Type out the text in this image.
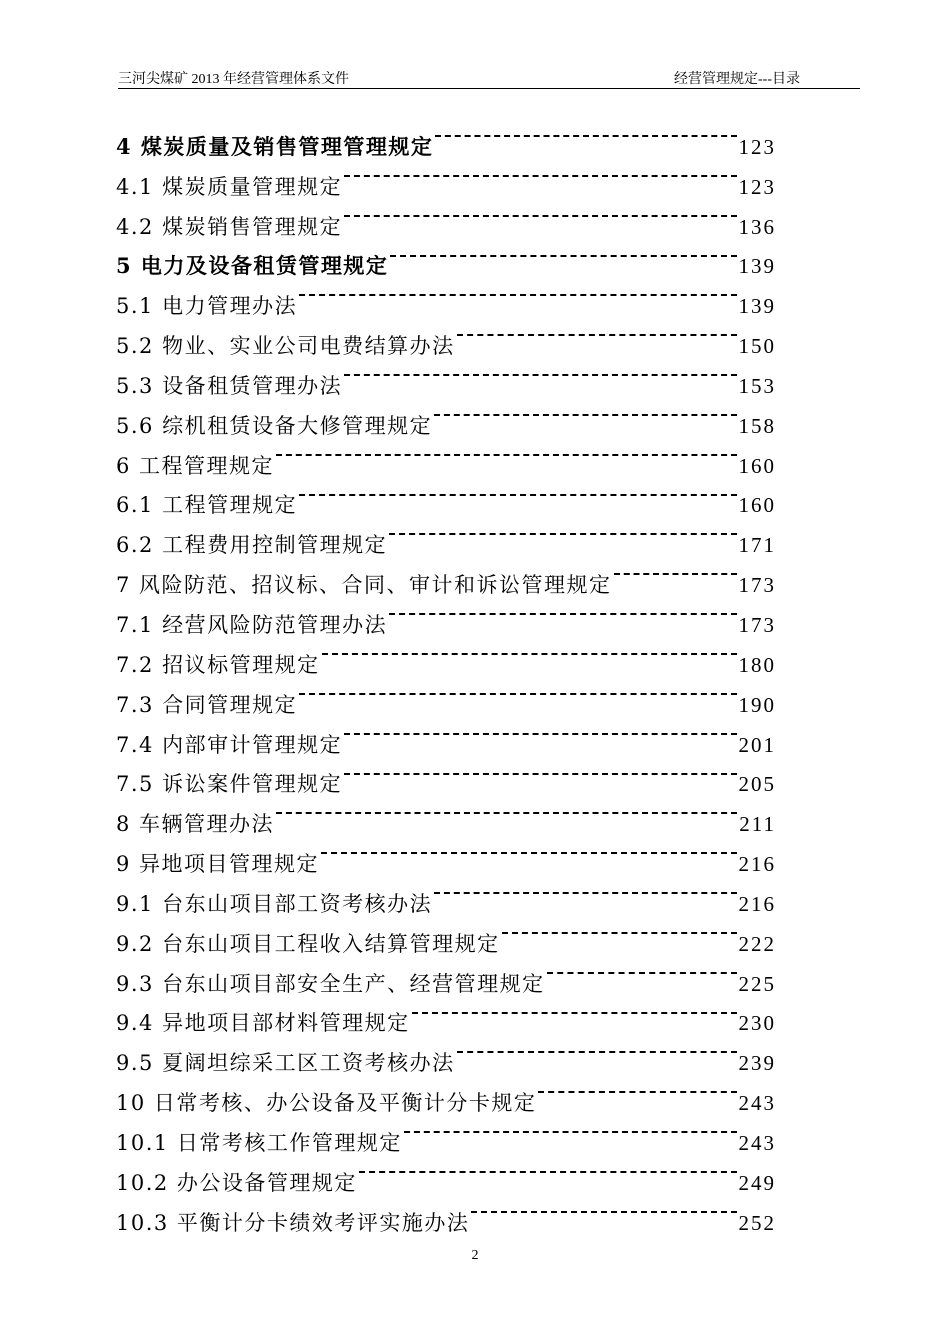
三河尖煤矿 2013 年经营管理体系文件	经营管理规定---目录
4 煤炭质量及销售管理管理规定	123
4.1 煤炭质量管理规定	123
4.2 煤炭销售管理规定	136
5 电力及设备租赁管理规定	139
5.1 电力管理办法	139
5.2 物业、实业公司电费结算办法	150
5.3 设备租赁管理办法	153
5.6 综机租赁设备大修管理规定	158
6 工程管理规定	160
6.1 工程管理规定	160
6.2 工程费用控制管理规定	171
7 风险防范、招议标、合同、审计和诉讼管理规定	173
7.1 经营风险防范管理办法	173
7.2 招议标管理规定	180
7.3 合同管理规定	190
7.4 内部审计管理规定	201
7.5 诉讼案件管理规定	205
8 车辆管理办法	211
9 异地项目管理规定	216
9.1 台东山项目部工资考核办法	216
9.2 台东山项目工程收入结算管理规定	222
9.3 台东山项目部安全生产、经营管理规定	225
9.4 异地项目部材料管理规定	230
9.5 夏阔坦综采工区工资考核办法	239
10 日常考核、办公设备及平衡计分卡规定	243
10.1 日常考核工作管理规定	243
10.2 办公设备管理规定	249
10.3 平衡计分卡绩效考评实施办法	252
2
